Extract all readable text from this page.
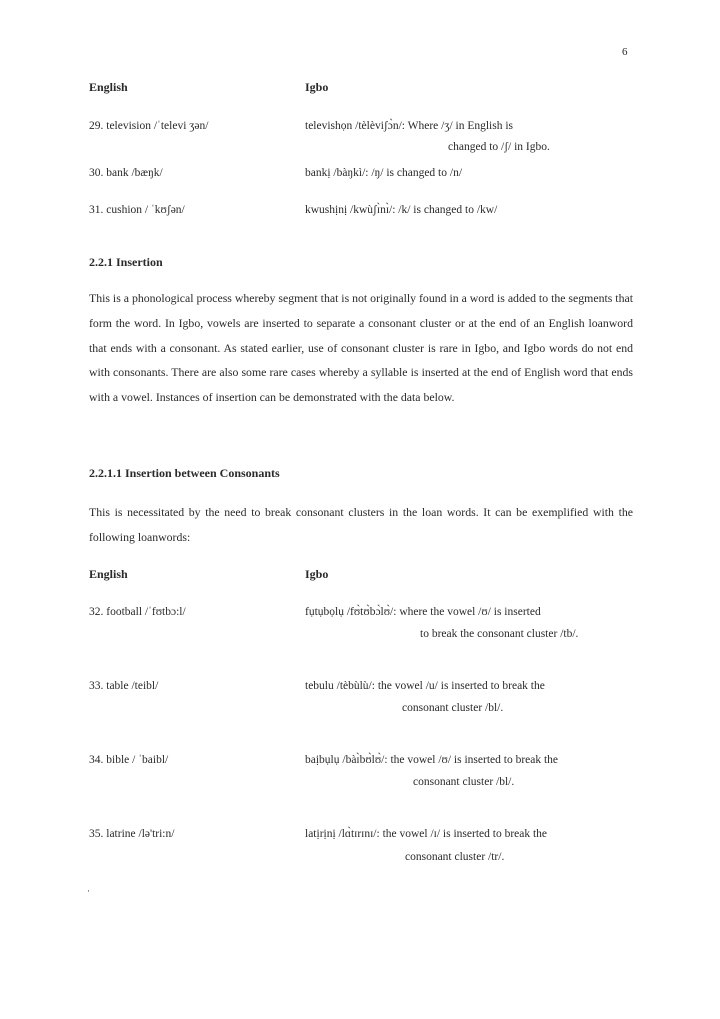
6
English	Igbo
29. television /ˈtelevi ʒən/	televishọn /tèlèviʃɔ̀n/: Where /ʒ/ in English is
changed to /ʃ/ in Igbo.
30. bank /bæŋk/	bankị /bàŋkì/: /ŋ/ is changed to /n/
31. cushion / ˈkʊʃən/	kwushịnị /kwùʃɪ̀nɪ̀/: /k/ is changed to /kw/
2.2.1 Insertion
This is a phonological process whereby segment that is not originally found in a word is added to the segments that form the word. In Igbo, vowels are inserted to separate a consonant cluster or at the end of an English loanword that ends with a consonant. As stated earlier, use of consonant cluster is rare in Igbo, and Igbo words do not end with consonants. There are also some rare cases whereby a syllable is inserted at the end of English word that ends with a vowel. Instances of insertion can be demonstrated with the data below.
2.2.1.1 Insertion between Consonants
This is necessitated by the need to break consonant clusters in the loan words. It can be exemplified with the following loanwords:
English	Igbo
32. football /ˈfʊtbɔ:l/	fụtụbọlụ /fʊ̀tʊ̀bɔ̀lʊ̀/: where the vowel /ʊ/ is inserted
to break the consonant cluster /tb/.
33. table /teibl/	tebulu /tèbùlù/: the vowel /u/ is inserted to break the
consonant cluster /bl/.
34. bible / ˈbaibl/	baịbụlụ /bàɪ̀bʊ̀lʊ̀/: the vowel /ʊ/ is inserted to break the
consonant cluster /bl/.
35. latrine /lə'tri:n/	latịrịnị /lɑ̀tɪrɪnɪ/: the vowel /ɪ/ is inserted to break the
consonant cluster /tr/.
·
